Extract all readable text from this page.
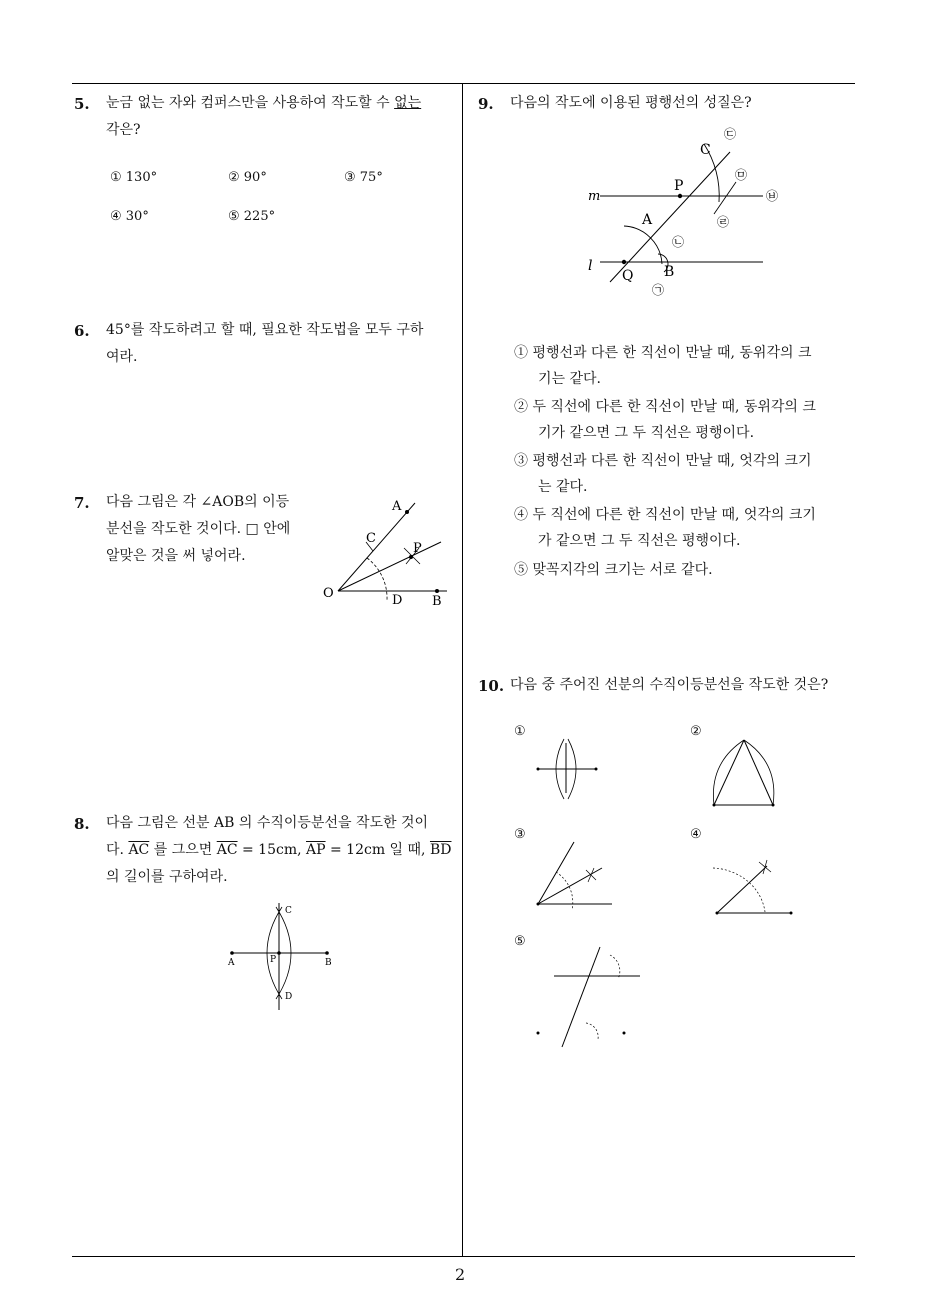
5. 눈금 없는 자와 컴퍼스만을 사용하여 작도할 수 없는
각은?
① 130°	② 90°	③ 75°
④ 30°	⑤ 225°
6. 45°를 작도하려고 할 때, 필요한 작도법을 모두 구하
여라.
7. 다음 그림은 각 ∠AOB의 이등
분선을 작도한 것이다. □ 안에
알맞은 것을 써 넣어라.
A
C
P
O	D B
8. 다음 그림은 선분 AB 의 수직이등분선을 작도한 것이
다. $\overline{AC}$ 를 그으면 $\overline{AC} = 15cm$, $\overline{AP} = 12cm$ 일 때, $\overline{BD}$
의 길이를 구하여라.
A	P	B
C
D
9. 다음의 작도에 이용된 평행선의 성질은?
m
l
C
P
A
Q B
㉠
㉡
㉢
㉣
㉤
㉥
① 평행선과 다른 한 직선이 만날 때, 동위각의 크
기는 같다.
② 두 직선에 다른 한 직선이 만날 때, 동위각의 크
기가 같으면 그 두 직선은 평행이다.
③ 평행선과 다른 한 직선이 만날 때, 엇각의 크기
는 같다.
④ 두 직선에 다른 한 직선이 만날 때, 엇각의 크기
가 같으면 그 두 직선은 평행이다.
⑤ 맞꼭지각의 크기는 서로 같다.
10. 다음 중 주어진 선분의 수직이등분선을 작도한 것은?
①	②
③	④
⑤
2
